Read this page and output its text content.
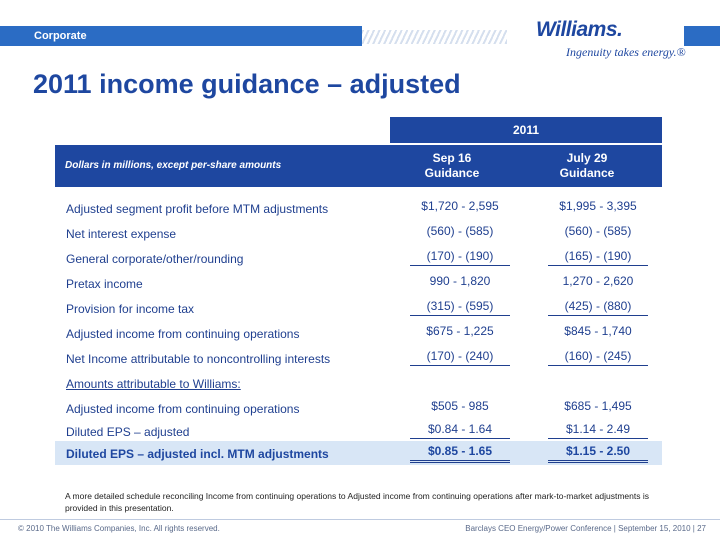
Corporate	Williams.
Ingenuity takes energy.®
2011 income guidance – adjusted
2011
Dollars in millions, except per-share amounts
Sep 16
Guidance
July 29
Guidance
Adjusted segment profit before MTM adjustments	$1,720 - 2,595	$1,995 - 3,395
Net interest expense	(560) - (585)	(560) - (585)
General corporate/other/rounding	(170) - (190)	(165) - (190)
Pretax income	990 - 1,820	1,270 - 2,620
Provision for income tax	(315) - (595)	(425) - (880)
Adjusted income from continuing operations	$675 - 1,225	$845 - 1,740
Net Income attributable to noncontrolling interests	(170) - (240)	(160) - (245)
Amounts attributable to Williams:
Adjusted income from continuing operations	$505 - 985	$685 - 1,495
Diluted EPS – adjusted	$0.84 - 1.64	$1.14 - 2.49
Diluted EPS – adjusted incl. MTM adjustments	$0.85 - 1.65	$1.15 - 2.50

A more detailed schedule reconciling Income from continuing operations to Adjusted income from continuing operations after mark-to-market adjustments is provided in this presentation.

© 2010 The Williams Companies, Inc. All rights reserved.	Barclays CEO Energy/Power Conference | September 15, 2010 | 27
